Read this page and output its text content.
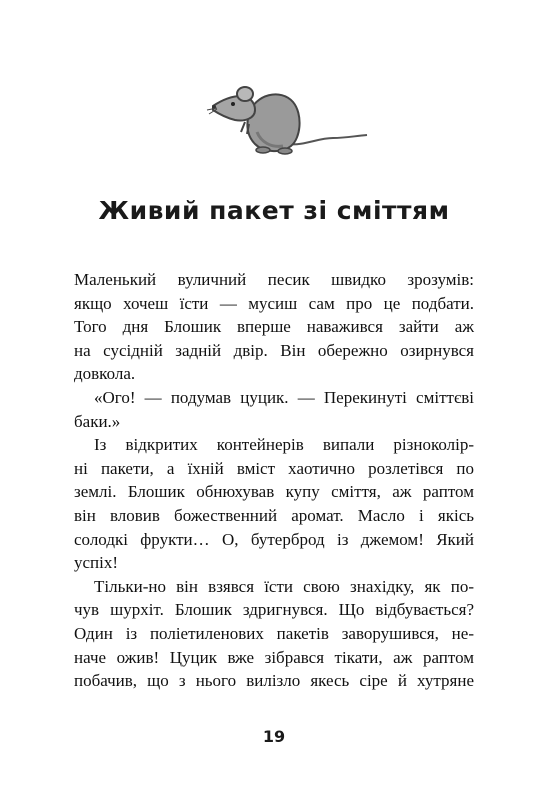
Живий пакет зі сміттям

Маленький вуличний песик швидко зрозумів:
якщо хочеш їсти — мусиш сам про це подбати.
Того дня Блошик вперше наважився зайти аж
на сусідній задній двір. Він обережно озирнувся
довкола.

«Ого! — подумав цуцик. — Перекинуті сміттєві
баки.»

Із відкритих контейнерів випали різноколір-
ні пакети, а їхній вміст хаотично розлетівся по
землі. Блошик обнюхував купу сміття, аж раптом
він вловив божественний аромат. Масло і якісь
солодкі фрукти… О, бутерброд із джемом! Який
успіх!

Тільки-но він взявся їсти свою знахідку, як по-
чув шурхіт. Блошик здригнувся. Що відбувається?
Один із поліетиленових пакетів заворушився, не-
наче ожив! Цуцик вже зібрався тікати, аж раптом
побачив, що з нього вилізло якесь сіре й хутряне

19
